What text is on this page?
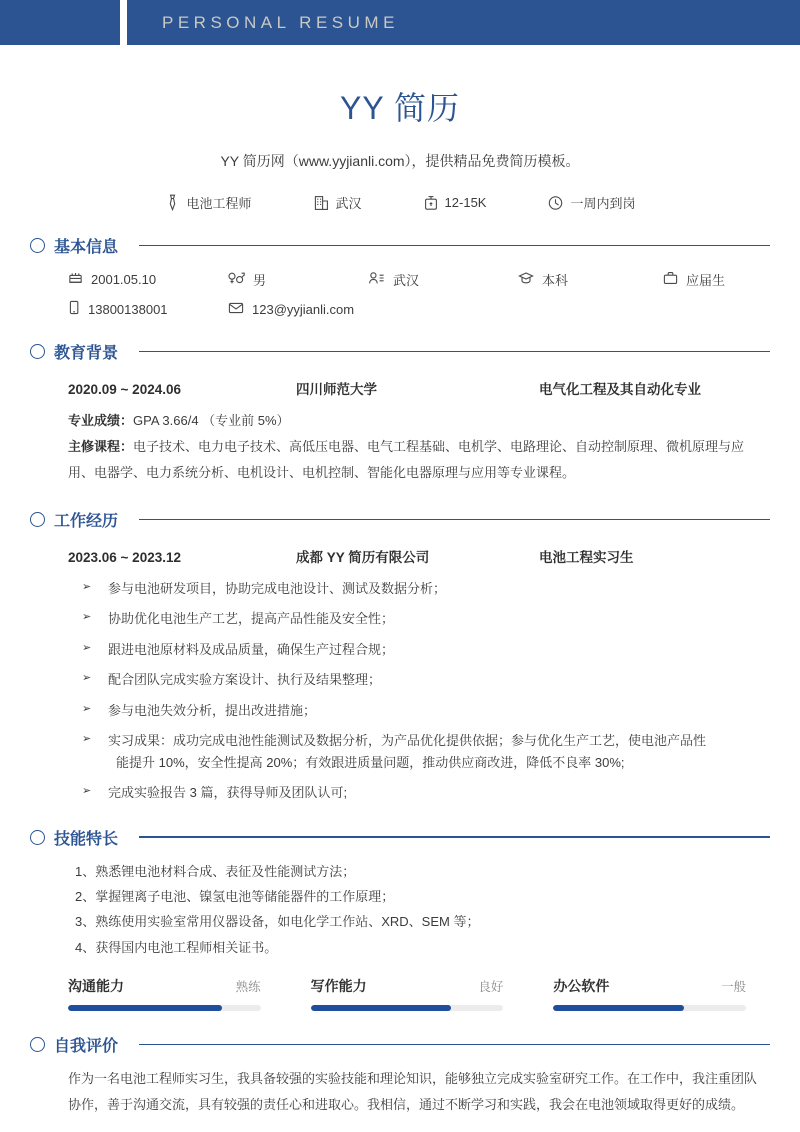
PERSONAL RESUME
YY 简历
YY 简历网（www.yyjianli.com），提供精品免费简历模板。
电池工程师	武汉	12-15K	一周内到岗
基本信息
2001.05.10	男	武汉	本科	应届生
13800138001	123@yyjianli.com
教育背景
2020.09 ~ 2024.06	四川师范大学	电气化工程及其自动化专业
专业成绩：GPA 3.66/4 （专业前 5%）
主修课程：电子技术、电力电子技术、高低压电器、电气工程基础、电机学、电路理论、自动控制原理、微机原理与应用、电器学、电力系统分析、电机设计、电机控制、智能化电器原理与应用等专业课程。
工作经历
2023.06 ~ 2023.12	成都 YY 简历有限公司	电池工程实习生
➢	参与电池研发项目，协助完成电池设计、测试及数据分析；
➢	协助优化电池生产工艺，提高产品性能及安全性；
➢	跟进电池原材料及成品质量，确保生产过程合规；
➢	配合团队完成实验方案设计、执行及结果整理；
➢	参与电池失效分析，提出改进措施；
➢	实习成果：成功完成电池性能测试及数据分析，为产品优化提供依据；参与优化生产工艺，使电池产品性
能提升 10%，安全性提高 20%；有效跟进质量问题，推动供应商改进，降低不良率 30%;
➢	完成实验报告 3 篇，获得导师及团队认可;
技能特长
1、熟悉锂电池材料合成、表征及性能测试方法；
2、掌握锂离子电池、镍氢电池等储能器件的工作原理；
3、熟练使用实验室常用仪器设备，如电化学工作站、XRD、SEM 等；
4、获得国内电池工程师相关证书。
沟通能力	熟练	写作能力	良好	办公软件	一般
自我评价
作为一名电池工程师实习生，我具备较强的实验技能和理论知识，能够独立完成实验室研究工作。在工作中，我注重团队协作，善于沟通交流，具有较强的责任心和进取心。我相信，通过不断学习和实践，我会在电池领域取得更好的成绩。
